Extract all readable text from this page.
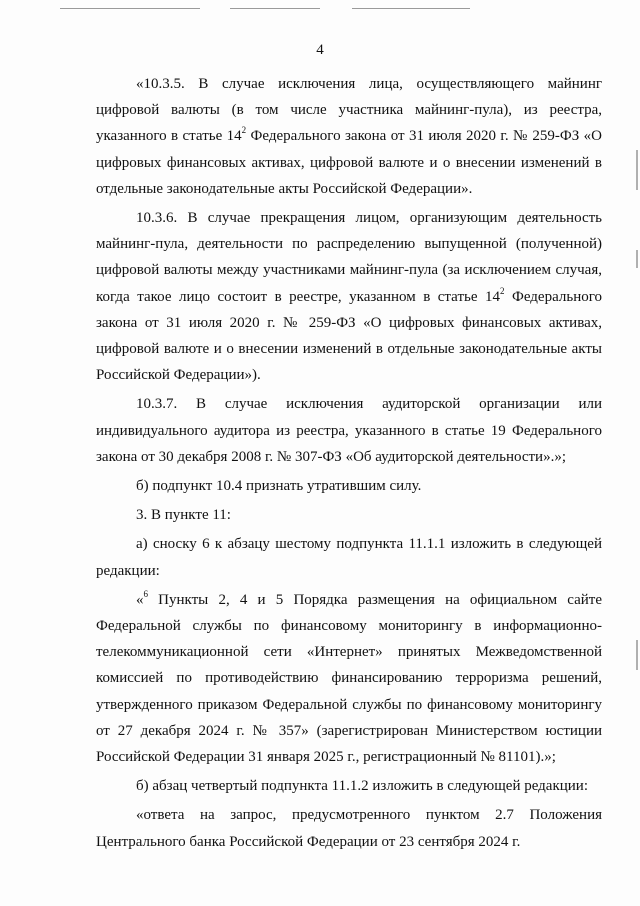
4

«10.3.5. В случае исключения лица, осуществляющего майнинг цифровой валюты (в том числе участника майнинг-пула), из реестра, указанного в статье $14^2$ Федерального закона от 31 июля 2020 г. № 259-ФЗ «О цифровых финансовых активах, цифровой валюте и о внесении изменений в отдельные законодательные акты Российской Федерации».

10.3.6. В случае прекращения лицом, организующим деятельность майнинг-пула, деятельности по распределению выпущенной (полученной) цифровой валюты между участниками майнинг-пула (за исключением случая, когда такое лицо состоит в реестре, указанном в статье $14^2$ Федерального закона от 31 июля 2020 г. № 259-ФЗ «О цифровых финансовых активах, цифровой валюте и о внесении изменений в отдельные законодательные акты Российской Федерации»).

10.3.7. В случае исключения аудиторской организации или индивидуального аудитора из реестра, указанного в статье 19 Федерального закона от 30 декабря 2008 г. № 307-ФЗ «Об аудиторской деятельности».»;

б) подпункт 10.4 признать утратившим силу.

3. В пункте 11:

а) сноску 6 к абзацу шестому подпункта 11.1.1 изложить в следующей редакции:

«$^6$ Пункты 2, 4 и 5 Порядка размещения на официальном сайте Федеральной службы по финансовому мониторингу в информационно-телекоммуникационной сети «Интернет» принятых Межведомственной комиссией по противодействию финансированию терроризма решений, утвержденного приказом Федеральной службы по финансовому мониторингу от 27 декабря 2024 г. № 357» (зарегистрирован Министерством юстиции Российской Федерации 31 января 2025 г., регистрационный № 81101).»;

б) абзац четвертый подпункта 11.1.2 изложить в следующей редакции:

«ответа на запрос, предусмотренного пунктом 2.7 Положения Центрального банка Российской Федерации от 23 сентября 2024 г.
